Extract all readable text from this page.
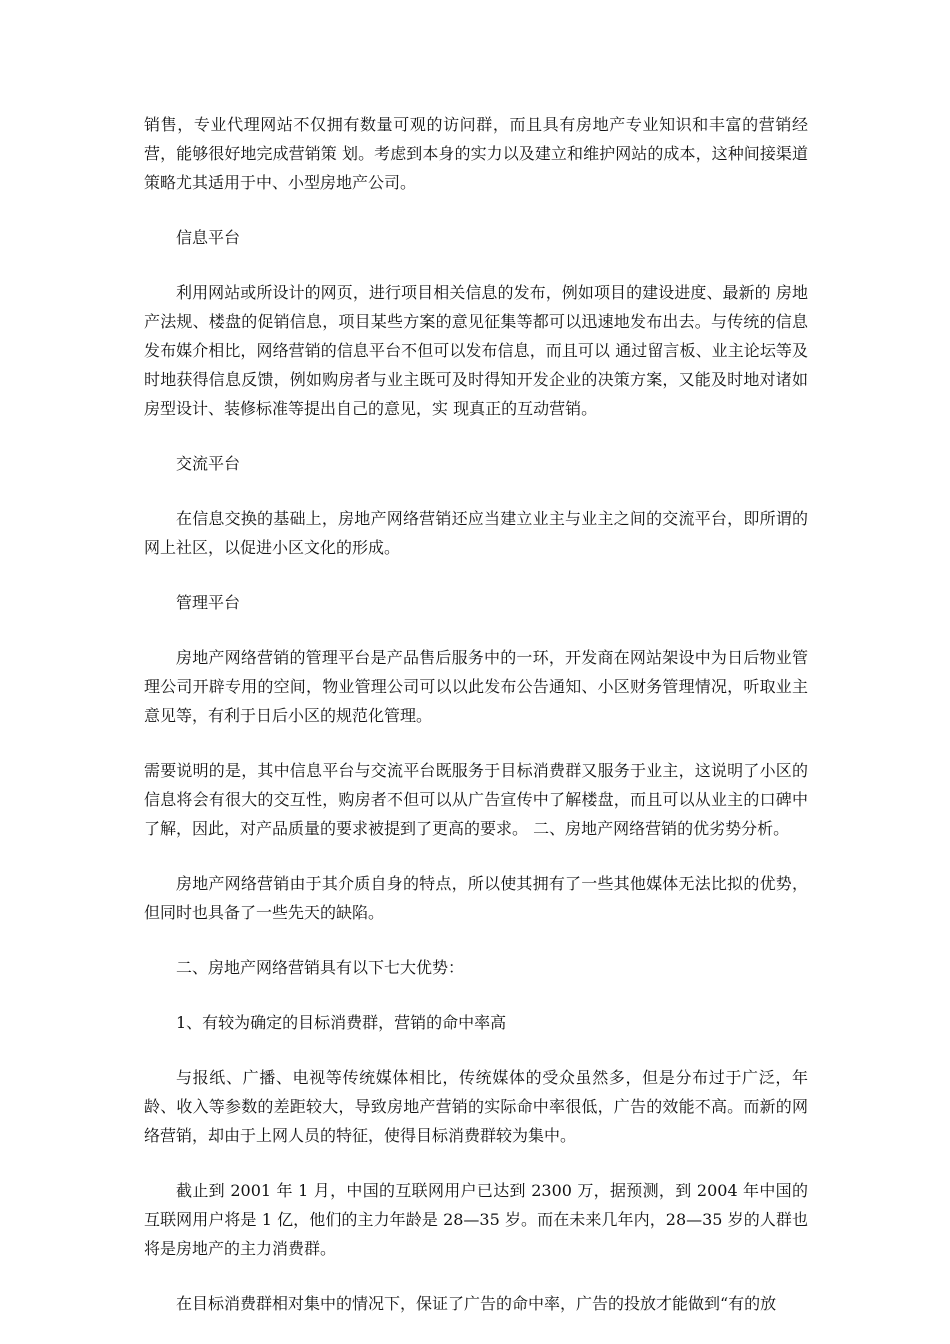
销售，专业代理网站不仅拥有数量可观的访问群，而且具有房地产专业知识和丰富的营销经营，能够很好地完成营销策 划。考虑到本身的实力以及建立和维护网站的成本，这种间接渠道策略尤其适用于中、小型房地产公司。

信息平台

利用网站或所设计的网页，进行项目相关信息的发布，例如项目的建设进度、最新的 房地产法规、楼盘的促销信息，项目某些方案的意见征集等都可以迅速地发布出去。与传统的信息发布媒介相比，网络营销的信息平台不但可以发布信息，而且可以 通过留言板、业主论坛等及时地获得信息反馈，例如购房者与业主既可及时得知开发企业的决策方案，又能及时地对诸如房型设计、装修标准等提出自己的意见，实 现真正的互动营销。

交流平台

在信息交换的基础上，房地产网络营销还应当建立业主与业主之间的交流平台，即所谓的网上社区，以促进小区文化的形成。

管理平台

房地产网络营销的管理平台是产品售后服务中的一环，开发商在网站架设中为日后物业管理公司开辟专用的空间，物业管理公司可以以此发布公告通知、小区财务管理情况，听取业主意见等，有利于日后小区的规范化管理。

需要说明的是，其中信息平台与交流平台既服务于目标消费群又服务于业主，这说明了小区的信息将会有很大的交互性，购房者不但可以从广告宣传中了解楼盘，而且可以从业主的口碑中了解，因此，对产品质量的要求被提到了更高的要求。 二、房地产网络营销的优劣势分析。

房地产网络营销由于其介质自身的特点，所以使其拥有了一些其他媒体无法比拟的优势，但同时也具备了一些先天的缺陷。

二、房地产网络营销具有以下七大优势：

1、有较为确定的目标消费群，营销的命中率高

与报纸、广播、电视等传统媒体相比，传统媒体的受众虽然多，但是分布过于广泛，年龄、收入等参数的差距较大，导致房地产营销的实际命中率很低，广告的效能不高。而新的网络营销，却由于上网人员的特征，使得目标消费群较为集中。

截止到 2001 年 1 月，中国的互联网用户已达到 2300 万，据预测，到 2004 年中国的互联网用户将是 1 亿，他们的主力年龄是 28—35 岁。而在未来几年内，28—35 岁的人群也将是房地产的主力消费群。

在目标消费群相对集中的情况下，保证了广告的命中率，广告的投放才能做到“有的放
